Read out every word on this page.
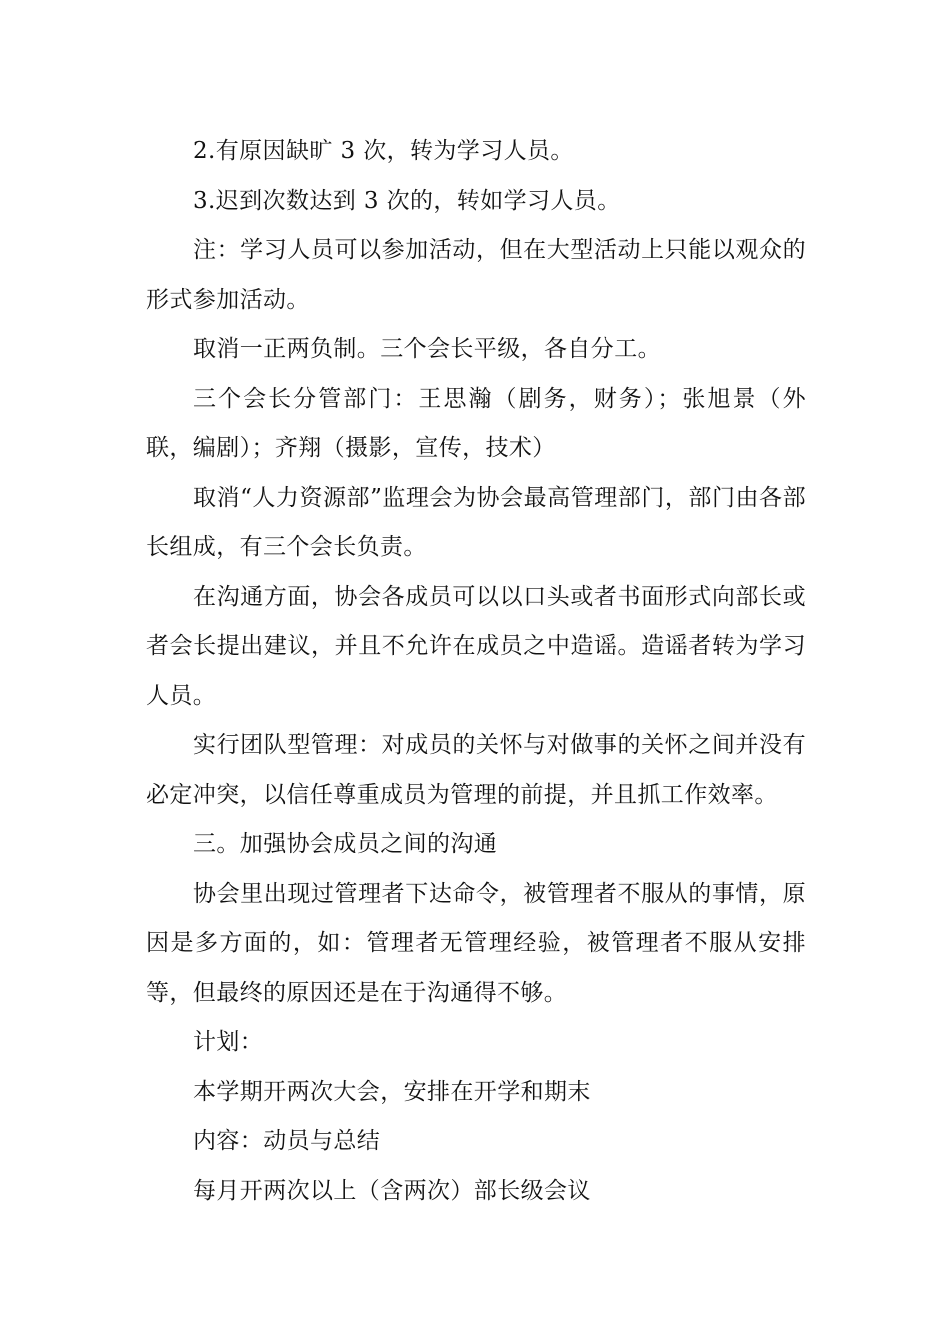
2.有原因缺旷 3 次，转为学习人员。

3.迟到次数达到 3 次的，转如学习人员。

注：学习人员可以参加活动，但在大型活动上只能以观众的形式参加活动。

取消一正两负制。三个会长平级，各自分工。

三个会长分管部门：王思瀚（剧务，财务）；张旭景（外联，编剧）；齐翔（摄影，宣传，技术）

取消“人力资源部”监理会为协会最高管理部门，部门由各部长组成，有三个会长负责。

在沟通方面，协会各成员可以以口头或者书面形式向部长或者会长提出建议，并且不允许在成员之中造谣。造谣者转为学习人员。

实行团队型管理：对成员的关怀与对做事的关怀之间并没有必定冲突，以信任尊重成员为管理的前提，并且抓工作效率。

三。加强协会成员之间的沟通

协会里出现过管理者下达命令，被管理者不服从的事情，原因是多方面的，如：管理者无管理经验，被管理者不服从安排等，但最终的原因还是在于沟通得不够。

计划：

本学期开两次大会，安排在开学和期末

内容：动员与总结

每月开两次以上（含两次）部长级会议
